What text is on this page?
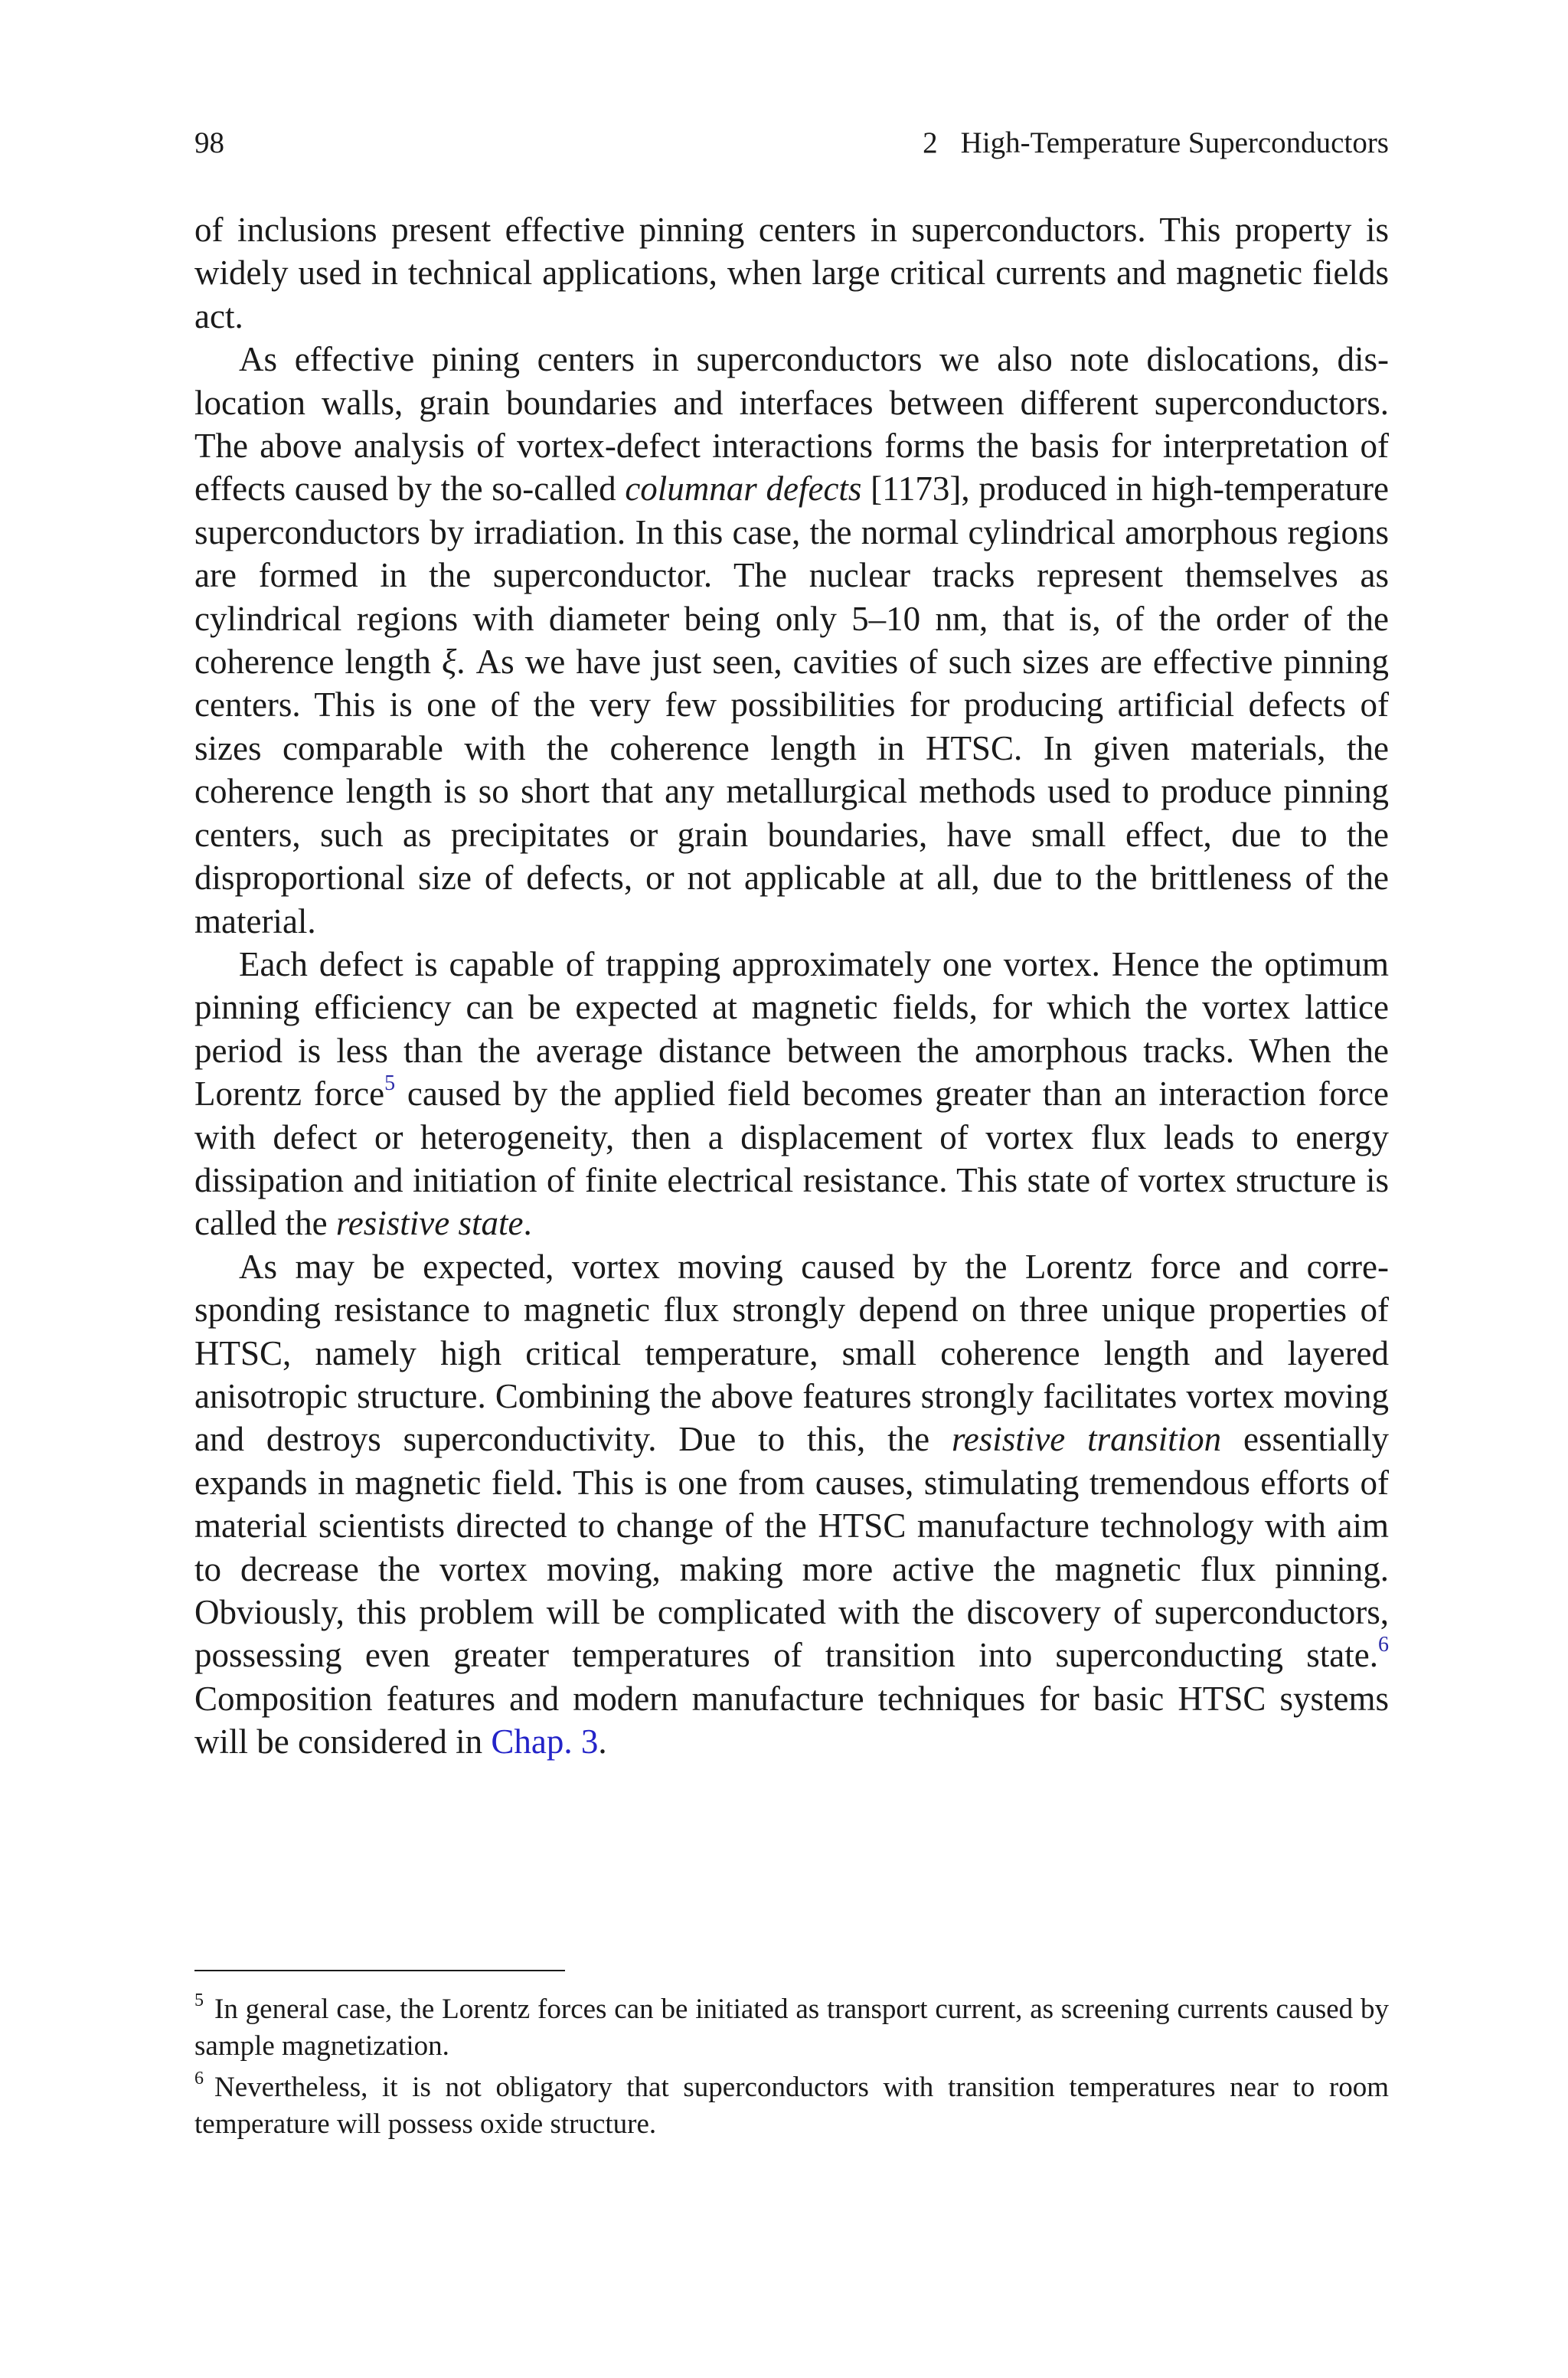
98	2 High-Temperature Superconductors

of inclusions present effective pinning centers in superconductors. This property is widely used in technical applications, when large critical currents and magnetic fields act.

As effective pining centers in superconductors we also note dislocations, dislocation walls, grain boundaries and interfaces between different superconductors. The above analysis of vortex-defect interactions forms the basis for interpretation of effects caused by the so-called columnar defects [1173], produced in high-temperature superconductors by irradiation. In this case, the normal cylindrical amorphous regions are formed in the superconductor. The nuclear tracks represent themselves as cylindrical regions with diameter being only 5–10 nm, that is, of the order of the coherence length ξ. As we have just seen, cavities of such sizes are effective pinning centers. This is one of the very few possibilities for producing artificial defects of sizes comparable with the coherence length in HTSC. In given materials, the coherence length is so short that any metallurgical methods used to produce pinning centers, such as precipitates or grain boundaries, have small effect, due to the disproportional size of defects, or not applicable at all, due to the brittleness of the material.

Each defect is capable of trapping approximately one vortex. Hence the optimum pinning efficiency can be expected at magnetic fields, for which the vortex lattice period is less than the average distance between the amorphous tracks. When the Lorentz force$^5$ caused by the applied field becomes greater than an interaction force with defect or heterogeneity, then a displacement of vortex flux leads to energy dissipation and initiation of finite electrical resistance. This state of vortex structure is called the resistive state.

As may be expected, vortex moving caused by the Lorentz force and corresponding resistance to magnetic flux strongly depend on three unique properties of HTSC, namely high critical temperature, small coherence length and layered anisotropic structure. Combining the above features strongly facilitates vortex moving and destroys superconductivity. Due to this, the resistive transition essentially expands in magnetic field. This is one from causes, stimulating tremendous efforts of material scientists directed to change of the HTSC manufacture technology with aim to decrease the vortex moving, making more active the magnetic flux pinning. Obviously, this problem will be complicated with the discovery of superconductors, possessing even greater temperatures of transition into superconducting state.$^6$ Composition features and modern manufacture techniques for basic HTSC systems will be considered in Chap. 3.

$^5$ In general case, the Lorentz forces can be initiated as transport current, as screening currents caused by sample magnetization.

$^6$ Nevertheless, it is not obligatory that superconductors with transition temperatures near to room temperature will possess oxide structure.
